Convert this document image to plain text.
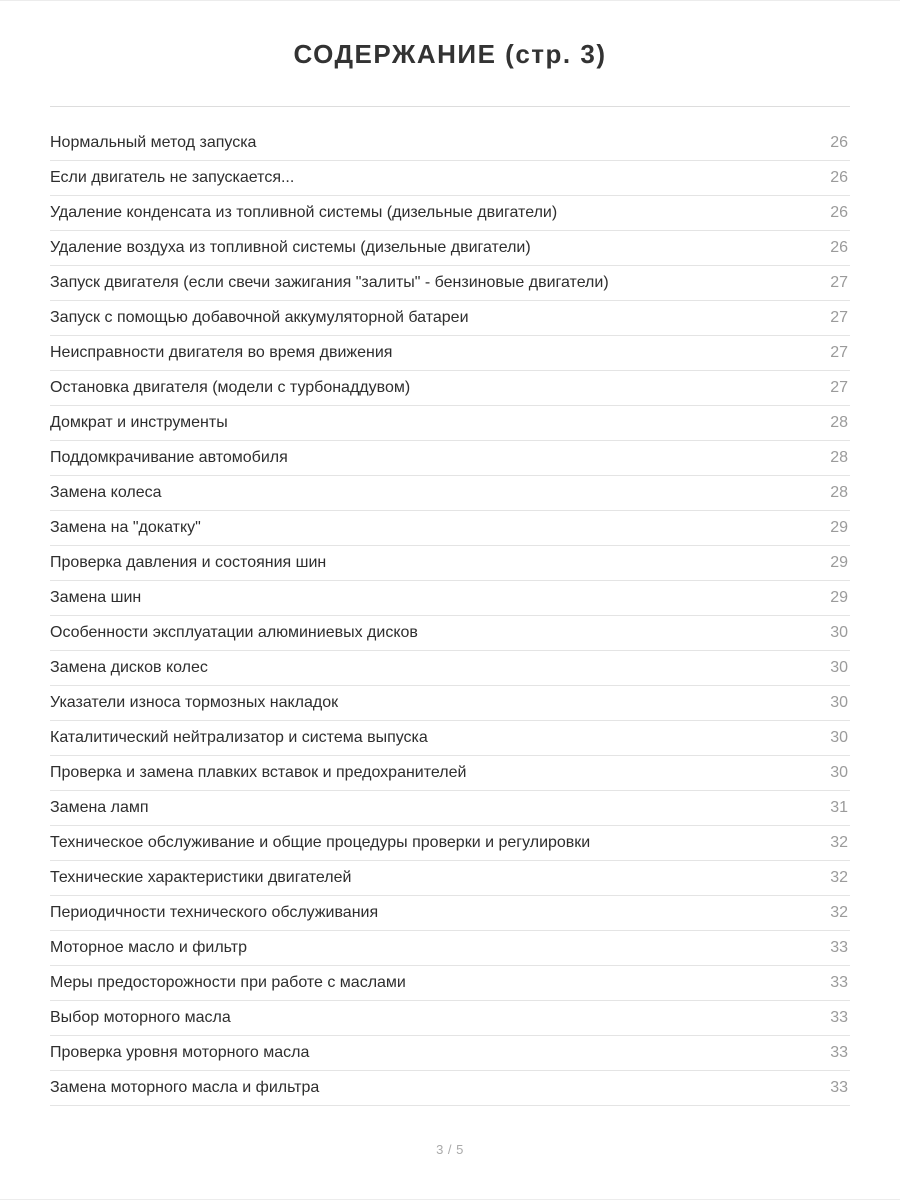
СОДЕРЖАНИЕ (стр. 3)
Нормальный метод запуска	26
Если двигатель не запускается...	26
Удаление конденсата из топливной системы (дизельные двигатели)	26
Удаление воздуха из топливной системы (дизельные двигатели)	26
Запуск двигателя (если свечи зажигания "залиты" - бензиновые двигатели)	27
Запуск с помощью добавочной аккумуляторной батареи	27
Неисправности двигателя во время движения	27
Остановка двигателя (модели с турбонаддувом)	27
Домкрат и инструменты	28
Поддомкрачивание автомобиля	28
Замена колеса	28
Замена на "докатку"	29
Проверка давления и состояния шин	29
Замена шин	29
Особенности эксплуатации алюминиевых дисков	30
Замена дисков колес	30
Указатели износа тормозных накладок	30
Каталитический нейтрализатор и система выпуска	30
Проверка и замена плавких вставок и предохранителей	30
Замена ламп	31
Техническое обслуживание и общие процедуры проверки и регулировки	32
Технические характеристики двигателей	32
Периодичности технического обслуживания	32
Моторное масло и фильтр	33
Меры предосторожности при работе с маслами	33
Выбор моторного масла	33
Проверка уровня моторного масла	33
Замена моторного масла и фильтра	33
3 / 5
